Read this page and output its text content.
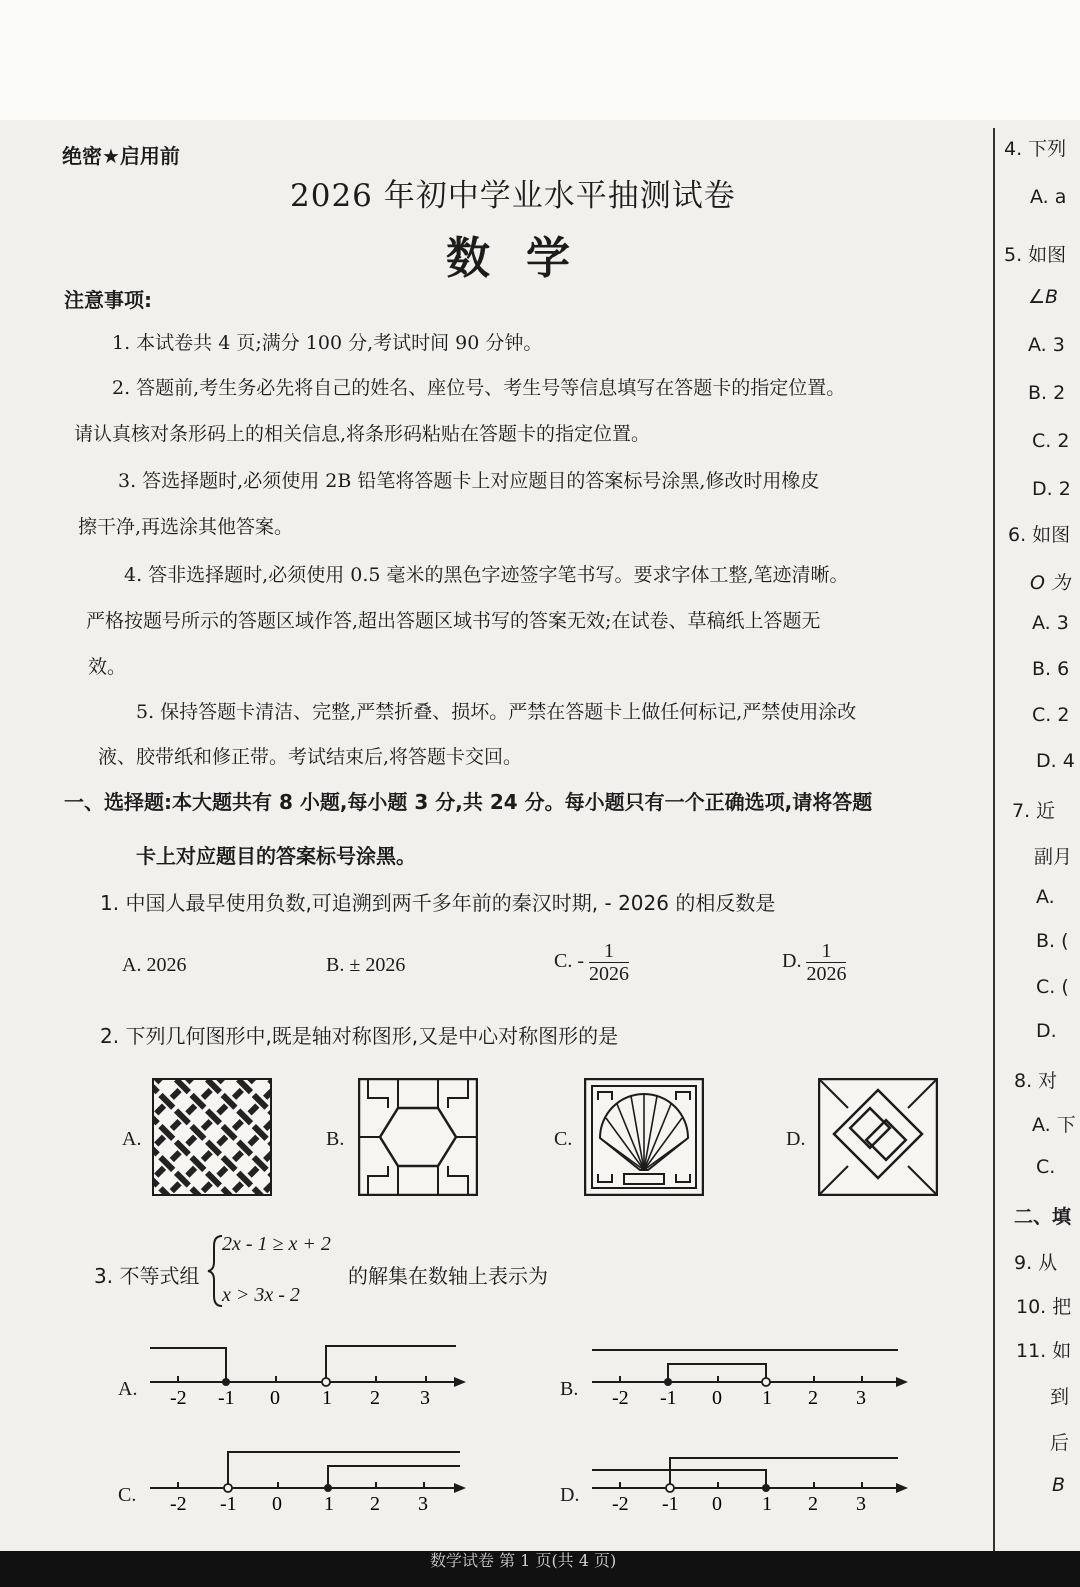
绝密★启用前
2026 年初中学业水平抽测试卷
数学
注意事项:
1. 本试卷共 4 页;满分 100 分,考试时间 90 分钟。
2. 答题前,考生务必先将自己的姓名、座位号、考生号等信息填写在答题卡的指定位置。
请认真核对条形码上的相关信息,将条形码粘贴在答题卡的指定位置。
3. 答选择题时,必须使用 2B 铅笔将答题卡上对应题目的答案标号涂黑,修改时用橡皮
擦干净,再选涂其他答案。
4. 答非选择题时,必须使用 0.5 毫米的黑色字迹签字笔书写。要求字体工整,笔迹清晰。
严格按题号所示的答题区域作答,超出答题区域书写的答案无效;在试卷、草稿纸上答题无
效。
5. 保持答题卡清洁、完整,严禁折叠、损坏。严禁在答题卡上做任何标记,严禁使用涂改
液、胶带纸和修正带。考试结束后,将答题卡交回。
一、选择题:本大题共有 8 小题,每小题 3 分,共 24 分。每小题只有一个正确选项,请将答题
卡上对应题目的答案标号涂黑。
1. 中国人最早使用负数,可追溯到两千多年前的秦汉时期, - 2026 的相反数是
A. 2026	B. ± 2026	C. - $\frac{1}{2026}$	D. $\frac{1}{2026}$
2. 下列几何图形中,既是轴对称图形,又是中心对称图形的是
A.	B.	C.	D.
3. 不等式组
2x - 1 ≥ x + 2
x > 3x - 2
的解集在数轴上表示为
A.	B.
C.	D.
-2 -1 0 1 2 3	-2 -1 0 1 2 3
-2 -1 0 1 2 3	-2 -1 0 1 2 3
4. 下列
A. a
5. 如图
∠B
A. 3
B. 2
C. 2
D. 2
6. 如图
O 为
A. 3
B. 6
C. 2
D. 4
7. 近
副月
A.
B. (
C. (
D.
8. 对
A. 下
C.
二、填
9. 从
10. 把
11. 如
到
后
B
数学试卷 第 1 页(共 4 页)
